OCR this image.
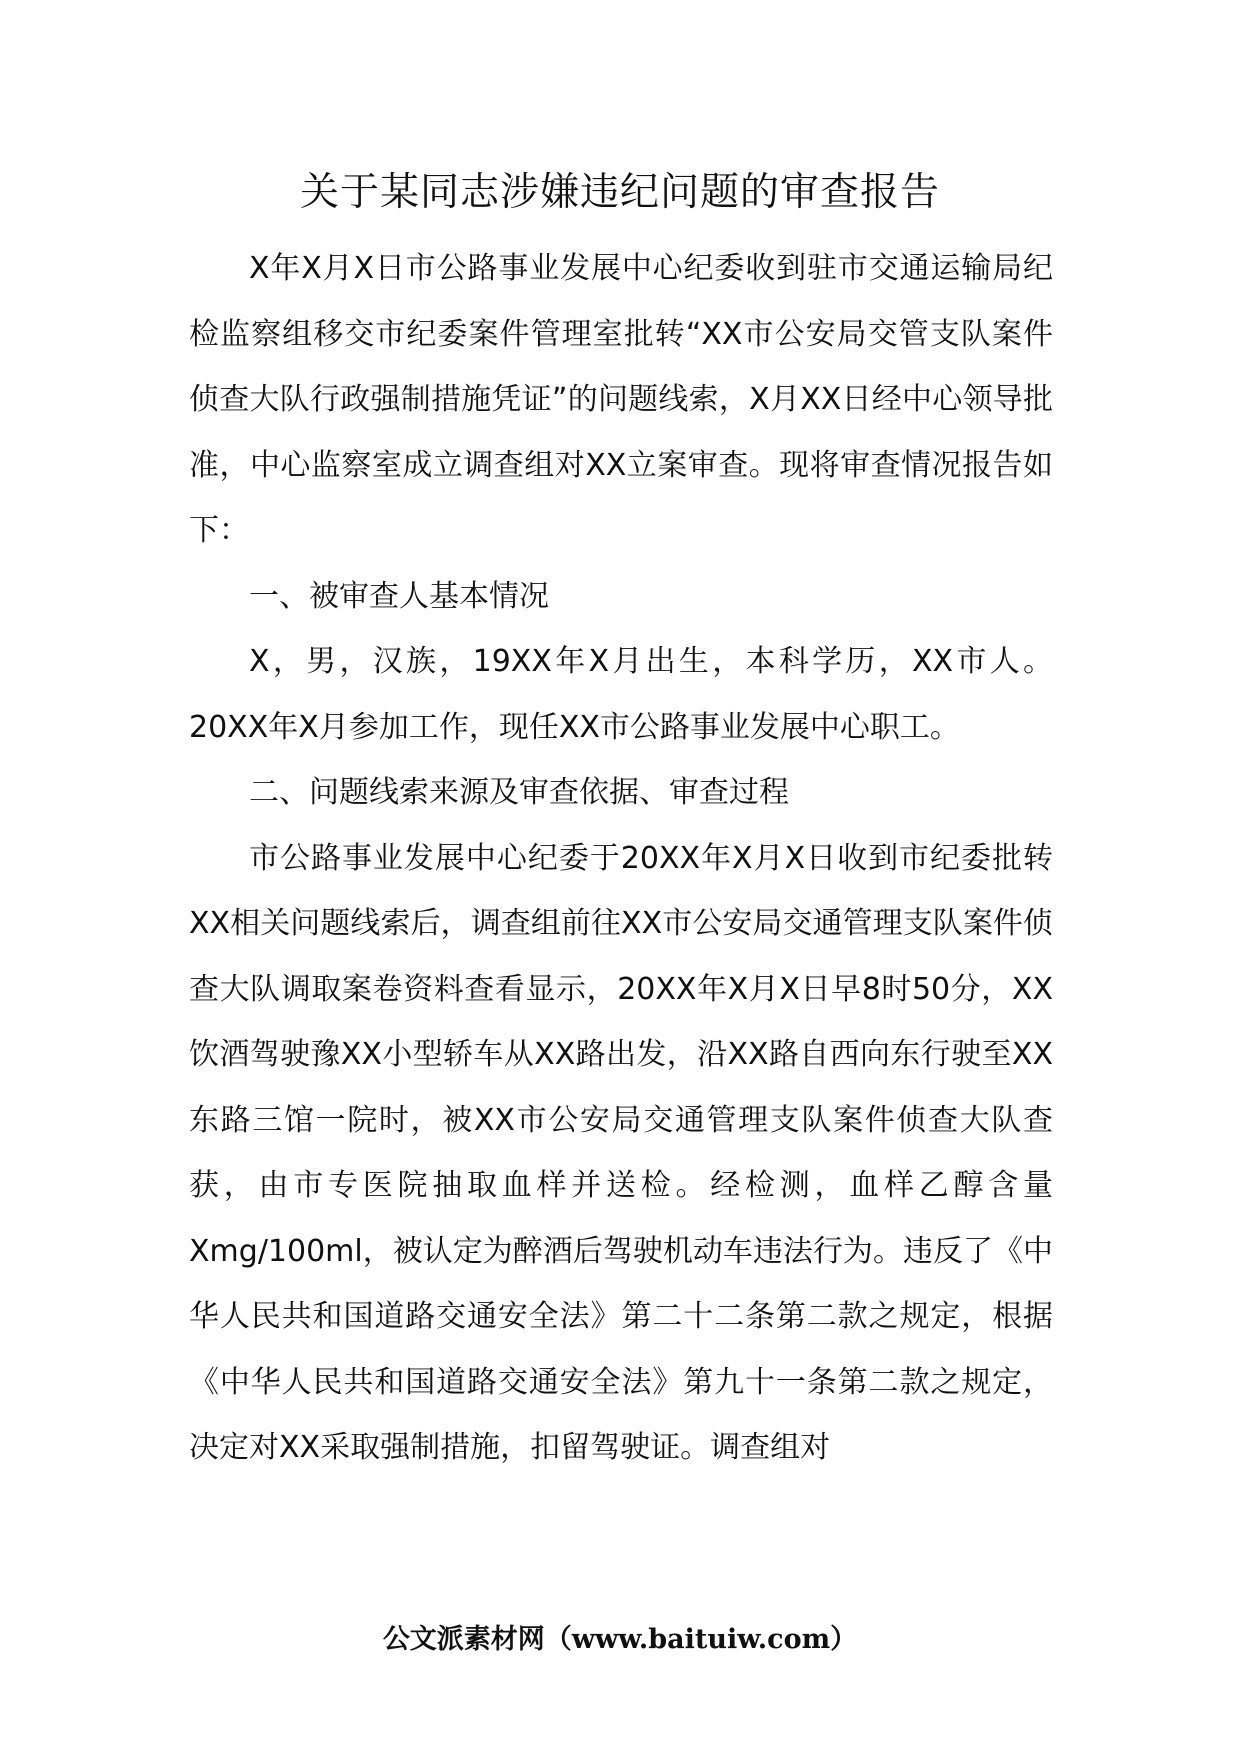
关于某同志涉嫌违纪问题的审查报告

X年X月X日市公路事业发展中心纪委收到驻市交通运输局纪检监察组移交市纪委案件管理室批转“XX市公安局交管支队案件侦查大队行政强制措施凭证”的问题线索，X月XX日经中心领导批准，中心监察室成立调查组对XX立案审查。现将审查情况报告如下：

一、被审查人基本情况

X，男，汉族，19XX年X月出生，本科学历，XX市人。20XX年X月参加工作，现任XX市公路事业发展中心职工。

二、问题线索来源及审查依据、审查过程

市公路事业发展中心纪委于20XX年X月X日收到市纪委批转XX相关问题线索后，调查组前往XX市公安局交通管理支队案件侦查大队调取案卷资料查看显示，20XX年X月X日早8时50分，XX饮酒驾驶豫XX小型轿车从XX路出发，沿XX路自西向东行驶至XX东路三馆一院时，被XX市公安局交通管理支队案件侦查大队查获，由市专医院抽取血样并送检。经检测，血样乙醇含量Xmg/100ml，被认定为醉酒后驾驶机动车违法行为。违反了《中华人民共和国道路交通安全法》第二十二条第二款之规定，根据《中华人民共和国道路交通安全法》第九十一条第二款之规定，决定对XX采取强制措施，扣留驾驶证。调查组对

公文派素材网（www.baituiw.com）
